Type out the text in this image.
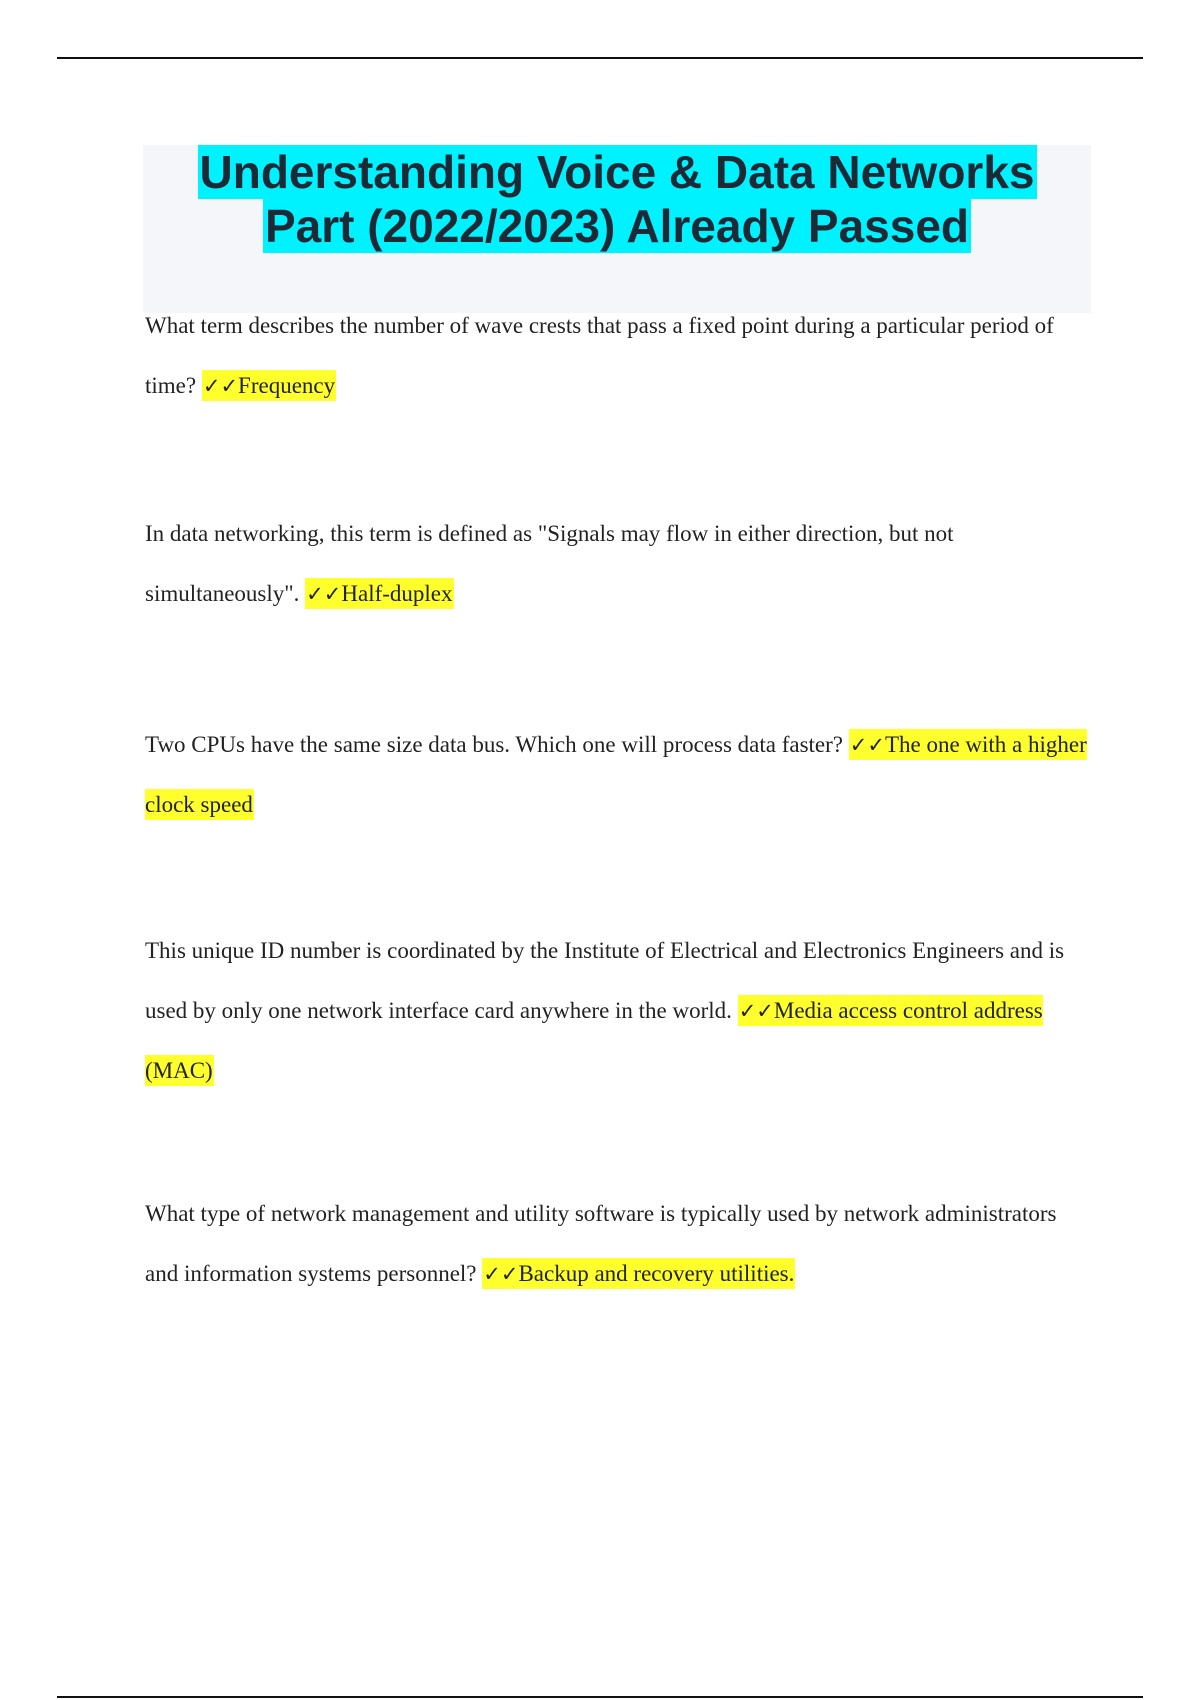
Understanding Voice & Data Networks
Part (2022/2023) Already Passed
What term describes the number of wave crests that pass a fixed point during a particular period of time? ✓✓Frequency
In data networking, this term is defined as "Signals may flow in either direction, but not simultaneously". ✓✓Half-duplex
Two CPUs have the same size data bus. Which one will process data faster? ✓✓The one with a higher clock speed
This unique ID number is coordinated by the Institute of Electrical and Electronics Engineers and is used by only one network interface card anywhere in the world. ✓✓Media access control address (MAC)
What type of network management and utility software is typically used by network administrators and information systems personnel? ✓✓Backup and recovery utilities.
